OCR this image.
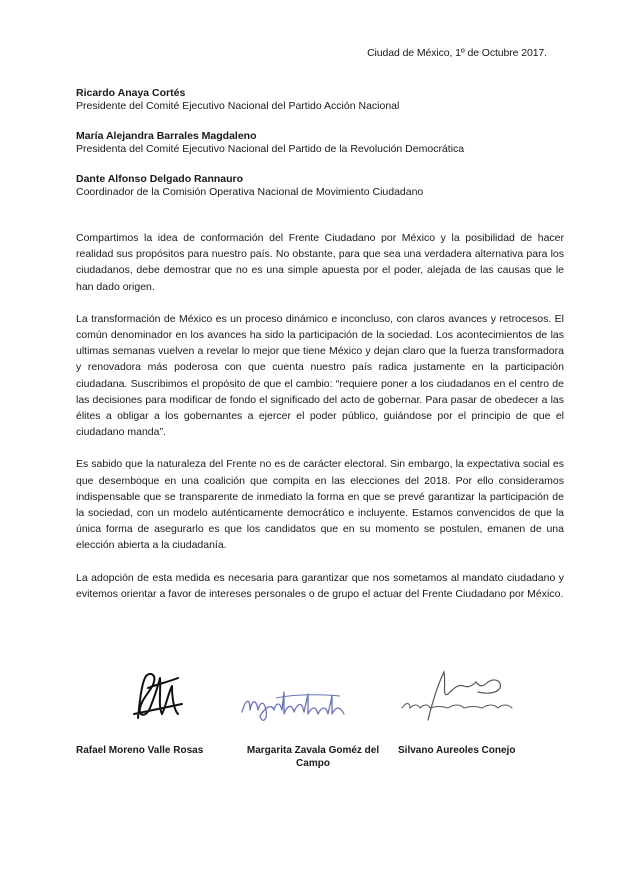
Ciudad de México, 1º de Octubre 2017.
Ricardo Anaya Cortés
Presidente del Comité Ejecutivo Nacional del Partido Acción Nacional
María Alejandra Barrales Magdaleno
Presidenta del Comité Ejecutivo Nacional del Partido de la Revolución Democrática
Dante Alfonso Delgado Rannauro
Coordinador de la Comisión Operativa Nacional de Movimiento Ciudadano

Compartimos la idea de conformación del Frente Ciudadano por México y la posibilidad de hacer realidad sus propósitos para nuestro país. No obstante, para que sea una verdadera alternativa para los ciudadanos, debe demostrar que no es una simple apuesta por el poder, alejada de las causas que le han dado origen.

La transformación de México es un proceso dinámico e inconcluso, con claros avances y retrocesos. El común denominador en los avances ha sido la participación de la sociedad. Los acontecimientos de las ultimas semanas vuelven a revelar lo mejor que tiene México y dejan claro que la fuerza transformadora y renovadora más poderosa con que cuenta nuestro país radica justamente en la participación ciudadana. Suscribimos el propósito de que el cambio: “requiere poner a los ciudadanos en el centro de las decisiones para modificar de fondo el significado del acto de gobernar. Para pasar de obedecer a las élites a obligar a los gobernantes a ejercer el poder público, guiándose por el principio de que el ciudadano manda”.

Es sabido que la naturaleza del Frente no es de carácter electoral. Sin embargo, la expectativa social es que desemboque en una coalición que compita en las elecciones del 2018. Por ello consideramos indispensable que se transparente de inmediato la forma en que se prevé garantizar la participación de la sociedad, con un modelo auténticamente democrático e incluyente. Estamos convencidos de que la única forma de asegurarlo es que los candidatos que en su momento se postulen, emanen de una elección abierta a la ciudadanía.

La adopción de esta medida es necesaria para garantizar que nos sometamos al mandato ciudadano y evitemos orientar a favor de intereses personales o de grupo el actuar del Frente Ciudadano por México.

Rafael Moreno Valle Rosas	Margarita Zavala Goméz del Campo
Silvano Aureoles Conejo
